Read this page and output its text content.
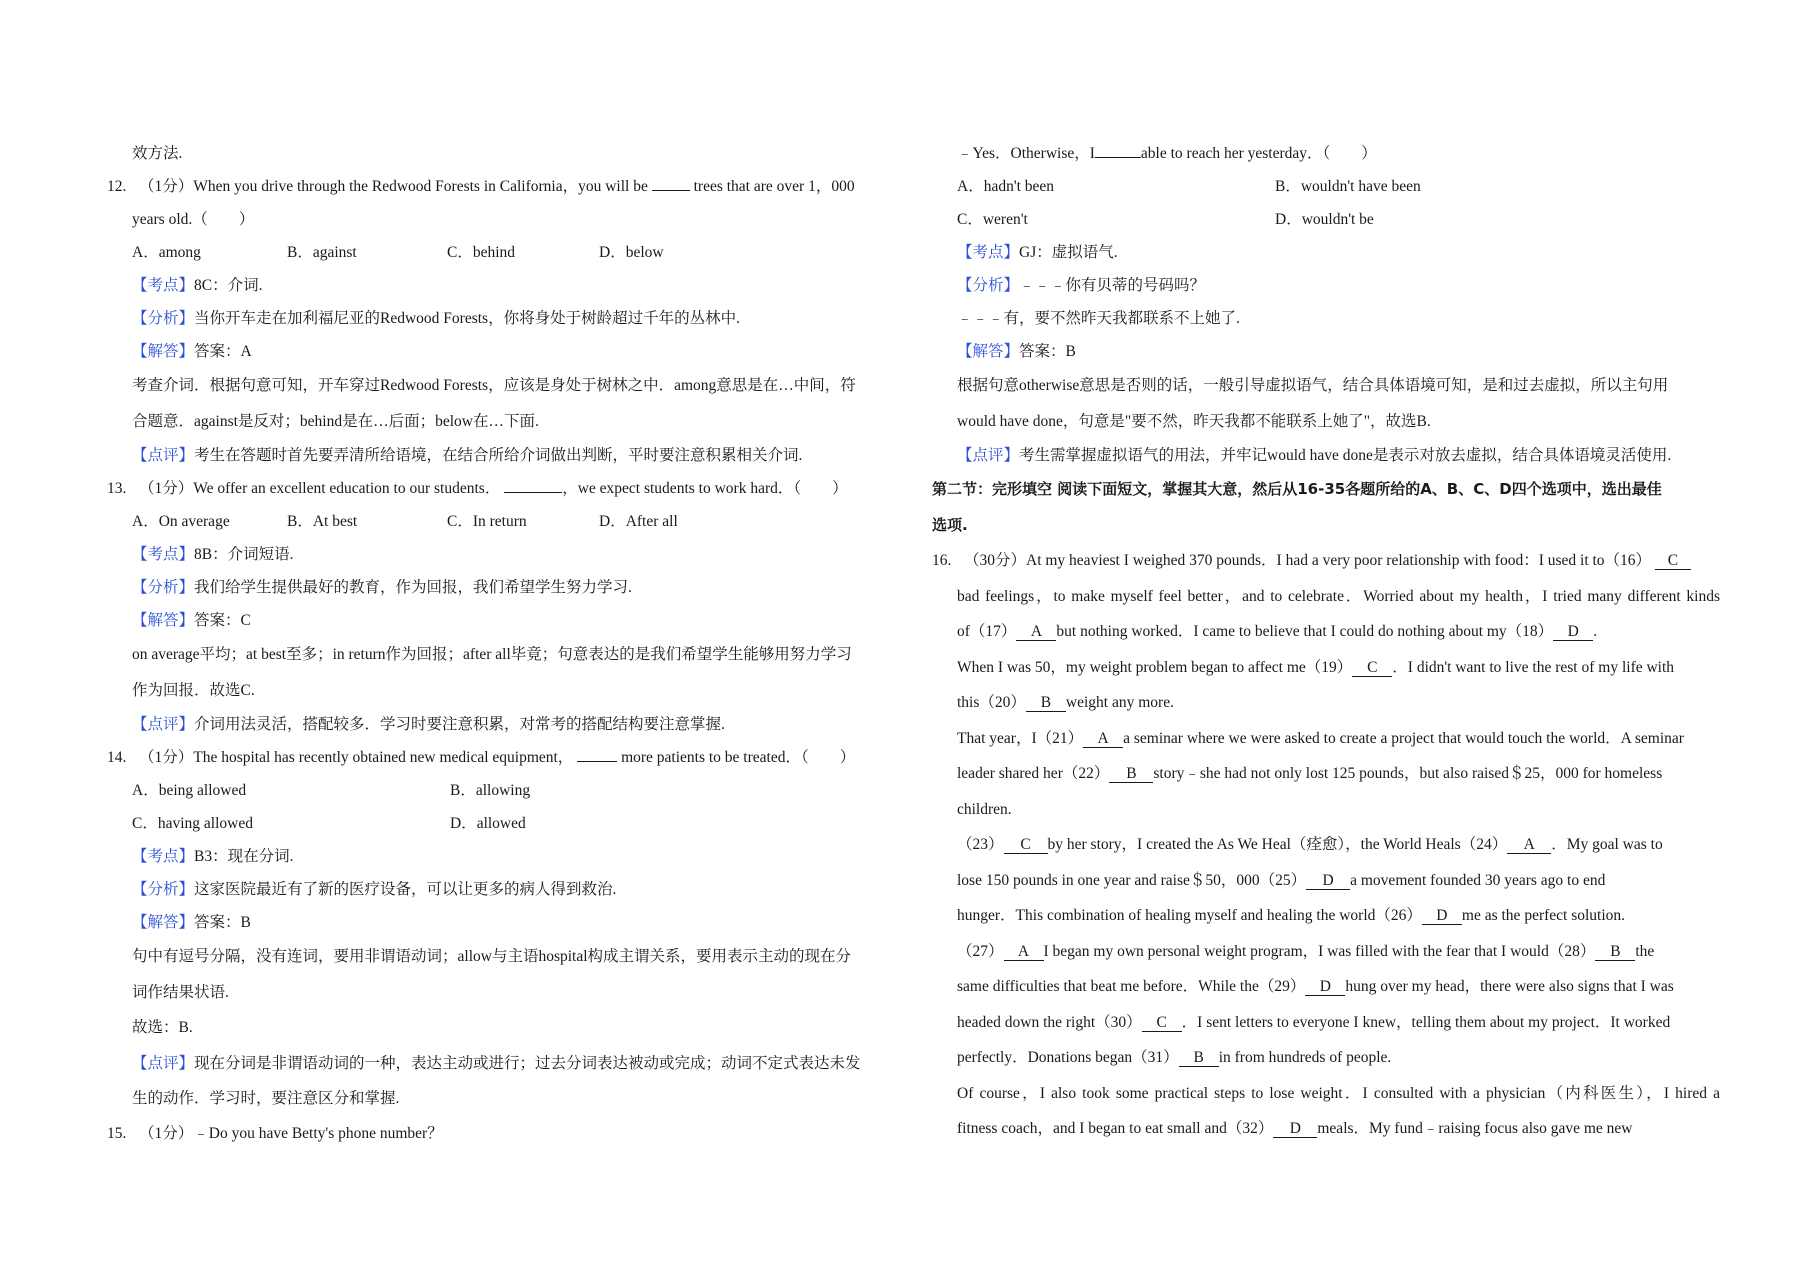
效方法.
12. （1分）When you drive through the Redwood Forests in California，you will be	trees that are over 1，000
years old.（　　）
A．among	B．against	C．behind	D．below
【考点】8C：介词.
【分析】当你开车走在加利福尼亚的Redwood Forests，你将身处于树龄超过千年的丛林中.
【解答】答案：A
考查介词．根据句意可知，开车穿过Redwood Forests，应该是身处于树林之中．among意思是在…中间，符
合题意．against是反对；behind是在…后面；below在…下面.
【点评】考生在答题时首先要弄清所给语境，在结合所给介词做出判断，平时要注意积累相关介词.
13. （1分）We offer an excellent education to our students．	，we expect students to work hard．（　　）
A．On average	B．At best	C．In return	D．After all
【考点】8B：介词短语.
【分析】我们给学生提供最好的教育，作为回报，我们希望学生努力学习.
【解答】答案：C
on average平均；at best至多；in return作为回报；after all毕竟；句意表达的是我们希望学生能够用努力学习
作为回报．故选C.
【点评】介词用法灵活，搭配较多．学习时要注意积累，对常考的搭配结构要注意掌握.
14. （1分）The hospital has recently obtained new medical equipment，	more patients to be treated．（　　）
A．being allowed	B．allowing
C．having allowed	D．allowed
【考点】B3：现在分词.
【分析】这家医院最近有了新的医疗设备，可以让更多的病人得到救治.
【解答】答案：B
句中有逗号分隔，没有连词，要用非谓语动词；allow与主语hospital构成主谓关系，要用表示主动的现在分
词作结果状语.
故选：B.
【点评】现在分词是非谓语动词的一种，表达主动或进行；过去分词表达被动或完成；动词不定式表达未发
生的动作．学习时，要注意区分和掌握.
15. （1分）﹣Do you have Betty's phone number？
﹣Yes．Otherwise，I	able to reach her yesterday．（　　）
A．hadn't been	B．wouldn't have been
C．weren't	D．wouldn't be
【考点】GJ：虚拟语气.
【分析】﹣﹣﹣你有贝蒂的号码吗？
﹣﹣﹣有，要不然昨天我都联系不上她了.
【解答】答案：B
根据句意otherwise意思是否则的话，一般引导虚拟语气，结合具体语境可知，是和过去虚拟，所以主句用
would have done，句意是"要不然，昨天我都不能联系上她了"，故选B.
【点评】考生需掌握虚拟语气的用法，并牢记would have done是表示对放去虚拟，结合具体语境灵活使用.
第二节：完形填空 阅读下面短文，掌握其大意，然后从16-35各题所给的A、B、C、D四个选项中，选出最佳
选项.
16. （30分）At my heaviest I weighed 370 pounds．I had a very poor relationship with food：I used it to（16） C
bad feelings，to make myself feel better，and to celebrate．Worried about my health，I tried many different kinds
of（17） A but nothing worked．I came to believe that I could do nothing about my（18） D .
When I was 50，my weight problem began to affect me（19） C ．I didn't want to live the rest of my life with
this（20） B weight any more.
That year，I（21） A a seminar where we were asked to create a project that would touch the world．A seminar
leader shared her（22） B story﹣she had not only lost 125 pounds，but also raised＄25，000 for homeless
children.
（23） C by her story，I created the As We Heal（痊愈），the World Heals（24） A ．My goal was to
lose 150 pounds in one year and raise＄50，000（25） D a movement founded 30 years ago to end
hunger．This combination of healing myself and healing the world（26） D me as the perfect solution.
（27） A I began my own personal weight program，I was filled with the fear that I would（28） B the
same difficulties that beat me before．While the（29） D hung over my head，there were also signs that I was
headed down the right（30） C ．I sent letters to everyone I knew，telling them about my project．It worked
perfectly．Donations began（31） B in from hundreds of people.
Of course，I also took some practical steps to lose weight．I consulted with a physician（内科医生），I hired a
fitness coach，and I began to eat small and（32） D meals．My fund﹣raising focus also gave me new
